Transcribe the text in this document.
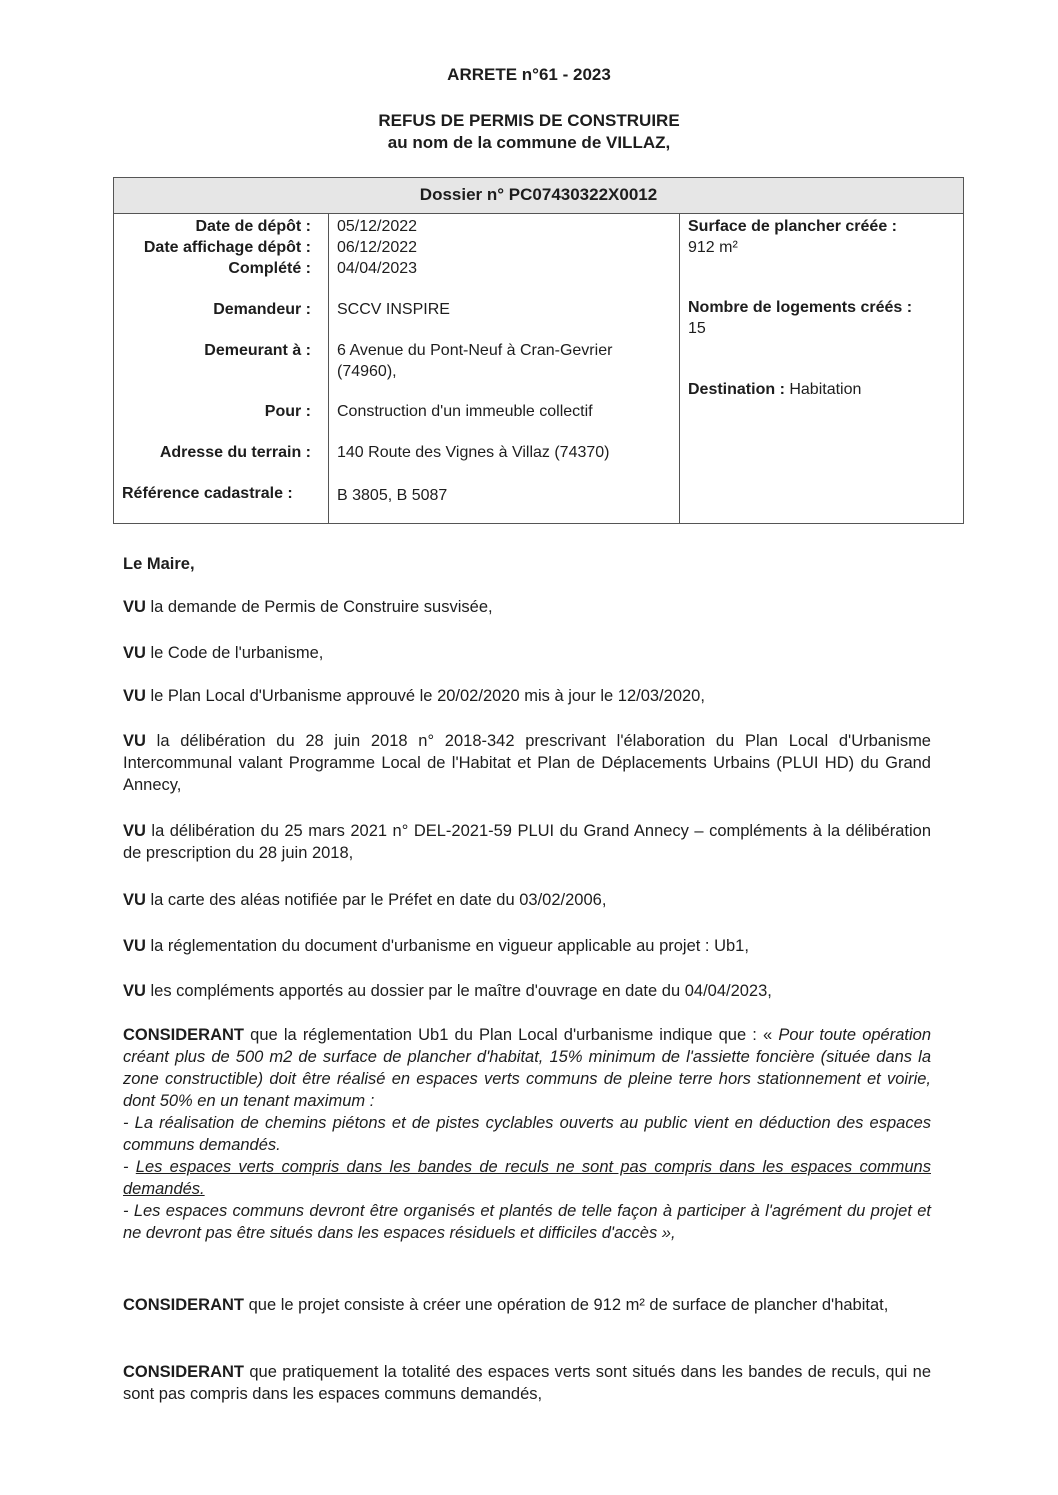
ARRETE n°61 - 2023
REFUS DE PERMIS DE CONSTRUIRE
au nom de la commune de VILLAZ,
Dossier n° PC07430322X0012
Date de dépôt :
Date affichage dépôt :
Complété :
Demandeur :
Demeurant à :
Pour :
Adresse du terrain :
Référence cadastrale :
05/12/2022
06/12/2022
04/04/2023
SCCV INSPIRE
6 Avenue du Pont-Neuf à Cran-Gevrier
(74960),
Construction d'un immeuble collectif
140 Route des Vignes à Villaz (74370)
B 3805, B 5087
Surface de plancher créée :
912 m²
Nombre de logements créés :
15
Destination : Habitation
Le Maire,
VU la demande de Permis de Construire susvisée,
VU le Code de l'urbanisme,
VU le Plan Local d'Urbanisme approuvé le 20/02/2020 mis à jour le 12/03/2020,
VU la délibération du 28 juin 2018 n° 2018-342 prescrivant l'élaboration du Plan Local d'Urbanisme Intercommunal valant Programme Local de l'Habitat et Plan de Déplacements Urbains (PLUI HD) du Grand Annecy,
VU la délibération du 25 mars 2021 n° DEL-2021-59 PLUI du Grand Annecy – compléments à la délibération de prescription du 28 juin 2018,
VU la carte des aléas notifiée par le Préfet en date du 03/02/2006,
VU la réglementation du document d'urbanisme en vigueur applicable au projet : Ub1,
VU les compléments apportés au dossier par le maître d'ouvrage en date du 04/04/2023,
CONSIDERANT que la réglementation Ub1 du Plan Local d'urbanisme indique que : « Pour toute opération créant plus de 500 m2 de surface de plancher d'habitat, 15% minimum de l'assiette foncière (située dans la zone constructible) doit être réalisé en espaces verts communs de pleine terre hors stationnement et voirie, dont 50% en un tenant maximum :
- La réalisation de chemins piétons et de pistes cyclables ouverts au public vient en déduction des espaces communs demandés.
- Les espaces verts compris dans les bandes de reculs ne sont pas compris dans les espaces communs demandés.
- Les espaces communs devront être organisés et plantés de telle façon à participer à l'agrément du projet et ne devront pas être situés dans les espaces résiduels et difficiles d'accès »,
CONSIDERANT que le projet consiste à créer une opération de 912 m² de surface de plancher d'habitat,
CONSIDERANT que pratiquement la totalité des espaces verts sont situés dans les bandes de reculs, qui ne sont pas compris dans les espaces communs demandés,
